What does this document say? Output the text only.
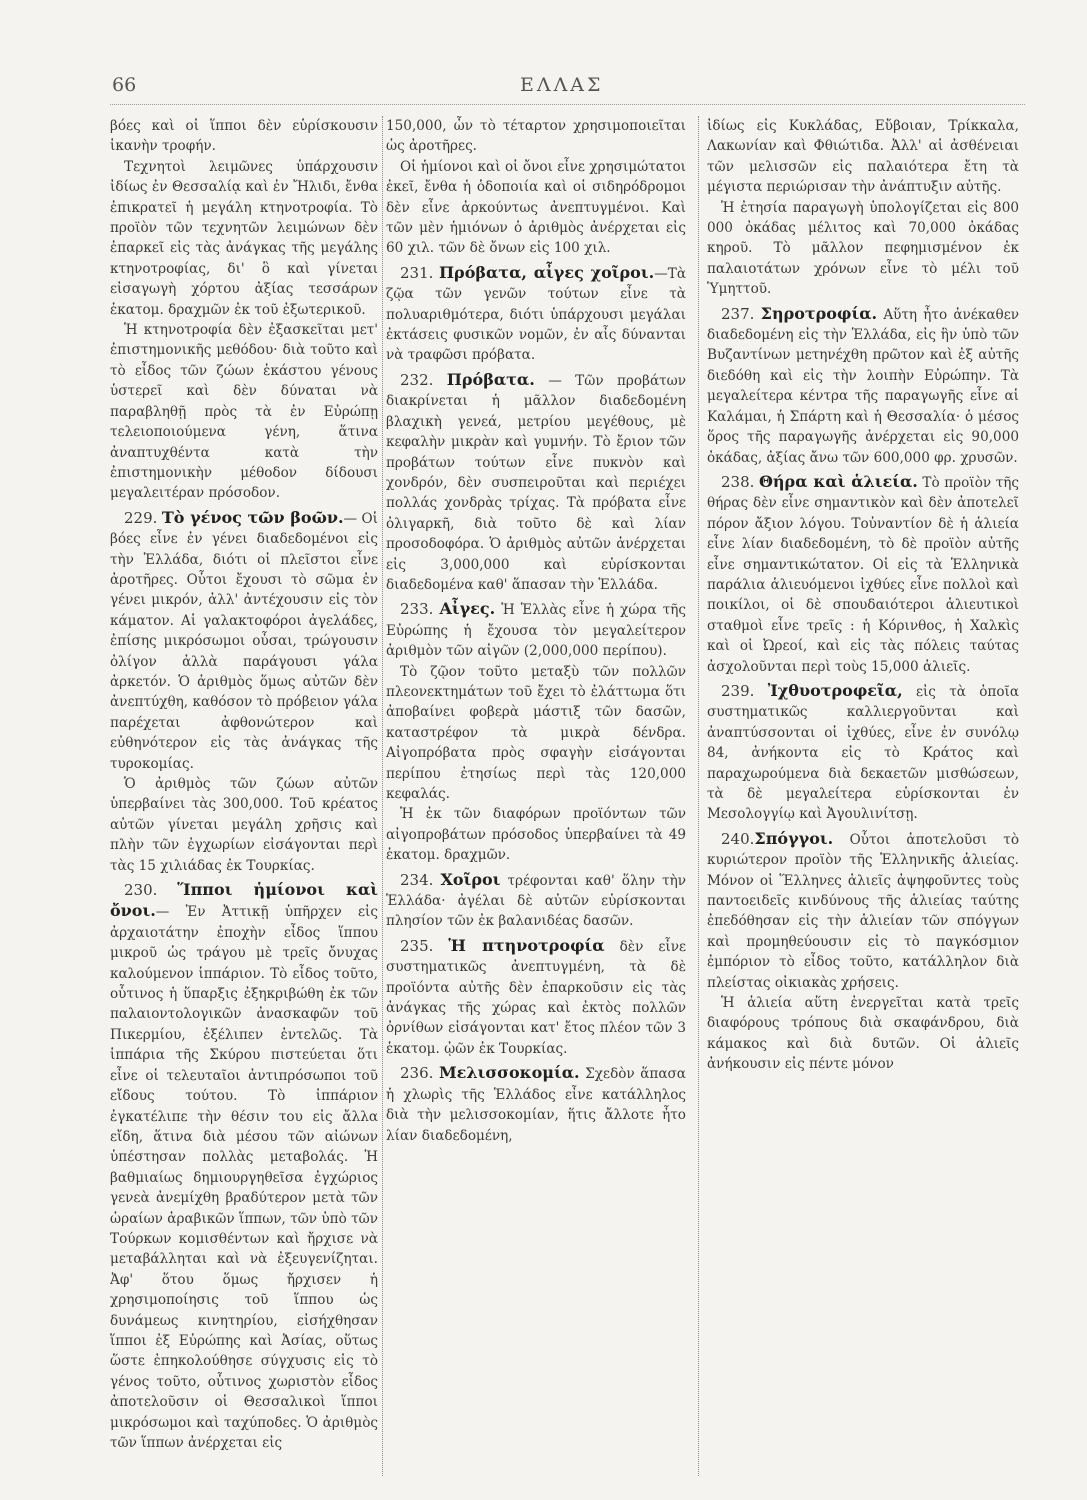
66	ΕΛΛΑΣ

βόες καὶ οἱ ἵπποι δὲν εὑρίσκουσιν ἱκανὴν τροφήν.

Τεχνητοὶ λειμῶνες ὑπάρχουσιν ἰδίως ἐν Θεσσαλίᾳ καὶ ἐν Ἤλιδι, ἔνθα ἐπικρατεῖ ἡ μεγάλη κτηνοτροφία. Τὸ προϊὸν τῶν τεχνητῶν λειμώνων δὲν ἐπαρκεῖ εἰς τὰς ἀνάγκας τῆς μεγάλης κτηνοτροφίας, δι' ὃ καὶ γίνεται εἰσαγωγὴ χόρτου ἀξίας τεσσάρων ἑκατομ. δραχμῶν ἐκ τοῦ ἐξωτερικοῦ.

Ἡ κτηνοτροφία δὲν ἐξασκεῖται μετ' ἐπιστημονικῆς μεθόδου· διὰ τοῦτο καὶ τὸ εἶδος τῶν ζώων ἑκάστου γένους ὑστερεῖ καὶ δὲν δύναται νὰ παραβληθῇ πρὸς τὰ ἐν Εὐρώπῃ τελειοποιούμενα γένη, ἅτινα ἀναπτυχθέντα κατὰ τὴν ἐπιστημονικὴν μέθοδον δίδουσι μεγαλειτέραν πρόσοδον.

229. Τὸ γένος τῶν βοῶν.— Οἱ βόες εἶνε ἐν γένει διαδεδομένοι εἰς τὴν Ἑλλάδα, διότι οἱ πλεῖστοι εἶνε ἀροτῆρες. Οὗτοι ἔχουσι τὸ σῶμα ἐν γένει μικρόν, ἀλλ' ἀντέχουσιν εἰς τὸν κάματον. Αἱ γαλακτοφόροι ἀγελάδες, ἐπίσης μικρόσωμοι οὖσαι, τρώγουσιν ὀλίγον ἀλλὰ παράγουσι γάλα ἀρκετόν. Ὁ ἀριθμὸς ὅμως αὐτῶν δὲν ἀνεπτύχθη, καθόσον τὸ πρόβειον γάλα παρέχεται ἀφθονώτερον καὶ εὐθηνότερον εἰς τὰς ἀνάγκας τῆς τυροκομίας.

Ὁ ἀριθμὸς τῶν ζώων αὐτῶν ὑπερβαίνει τὰς 300,000. Τοῦ κρέατος αὐτῶν γίνεται μεγάλη χρῆσις καὶ πλὴν τῶν ἐγχωρίων εἰσάγονται περὶ τὰς 15 χιλιάδας ἐκ Τουρκίας.

230. Ἵπποι ἡμίονοι καὶ ὄνοι.— Ἐν Ἀττικῇ ὑπῆρχεν εἰς ἀρχαιοτάτην ἐποχὴν εἶδος ἵππου μικροῦ ὡς τράγου μὲ τρεῖς ὄνυχας καλούμενον ἱππάριον. Τὸ εἶδος τοῦτο, οὗτινος ἡ ὕπαρξις ἐξηκριβώθη ἐκ τῶν παλαιοντολογικῶν ἀνασκαφῶν τοῦ Πικερμίου, ἐξέλιπεν ἐντελῶς. Τὰ ἱππάρια τῆς Σκύρου πιστεύεται ὅτι εἶνε οἱ τελευταῖοι ἀντιπρόσωποι τοῦ εἴδους τούτου. Τὸ ἱππάριον ἐγκατέλιπε τὴν θέσιν του εἰς ἄλλα εἴδη, ἅτινα διὰ μέσου τῶν αἰώνων ὑπέστησαν πολλὰς μεταβολάς. Ἡ βαθμιαίως δημιουργηθεῖσα ἐγχώριος γενεὰ ἀνεμίχθη βραδύτερον μετὰ τῶν ὡραίων ἀραβικῶν ἵππων, τῶν ὑπὸ τῶν Τούρκων κομισθέντων καὶ ἤρχισε νὰ μεταβάλληται καὶ νὰ ἐξευγενίζηται. Ἀφ' ὅτου ὅμως ἤρχισεν ἡ χρησιμοποίησις τοῦ ἵππου ὡς δυνάμεως κινητηρίου, εἰσήχθησαν ἵπποι ἐξ Εὐρώπης καὶ Ἀσίας, οὕτως ὥστε ἐπηκολούθησε σύγχυσις εἰς τὸ γένος τοῦτο, οὗτινος χωριστὸν εἶδος ἀποτελοῦσιν οἱ Θεσσαλικοὶ ἵπποι μικρόσωμοι καὶ ταχύποδες. Ὁ ἀριθμὸς τῶν ἵππων ἀνέρχεται εἰς

150,000, ὧν τὸ τέταρτον χρησιμοποιεῖται ὡς ἀροτῆρες.

Οἱ ἡμίονοι καὶ οἱ ὄνοι εἶνε χρησιμώτατοι ἐκεῖ, ἔνθα ἡ ὁδοποιία καὶ οἱ σιδηρόδρομοι δὲν εἶνε ἀρκούντως ἀνεπτυγμένοι. Καὶ τῶν μὲν ἡμιόνων ὁ ἀριθμὸς ἀνέρχεται εἰς 60 χιλ. τῶν δὲ ὄνων εἰς 100 χιλ.

231. Πρόβατα, αἶγες χοῖροι.—Τὰ ζῷα τῶν γενῶν τούτων εἶνε τὰ πολυαριθμότερα, διότι ὑπάρχουσι μεγάλαι ἐκτάσεις φυσικῶν νομῶν, ἐν αἷς δύνανται νὰ τραφῶσι πρόβατα.

232. Πρόβατα. — Τῶν προβάτων διακρίνεται ἡ μᾶλλον διαδεδομένη βλαχικὴ γενεά, μετρίου μεγέθους, μὲ κεφαλὴν μικρὰν καὶ γυμνήν. Τὸ ἔριον τῶν προβάτων τούτων εἶνε πυκνὸν καὶ χονδρόν, δὲν συσπειροῦται καὶ περιέχει πολλάς χονδρὰς τρίχας. Τὰ πρόβατα εἶνε ὀλιγαρκῆ, διὰ τοῦτο δὲ καὶ λίαν προσοδοφόρα. Ὁ ἀριθμὸς αὐτῶν ἀνέρχεται εἰς 3,000,000 καὶ εὑρίσκονται διαδεδομένα καθ' ἅπασαν τὴν Ἑλλάδα.

233. Αἶγες. Ἡ Ἑλλὰς εἶνε ἡ χώρα τῆς Εὐρώπης ἡ ἔχουσα τὸν μεγαλείτερον ἀριθμὸν τῶν αἰγῶν (2,000,000 περίπου).

Τὸ ζῷον τοῦτο μεταξὺ τῶν πολλῶν πλεονεκτημάτων τοῦ ἔχει τὸ ἐλάττωμα ὅτι ἀποβαίνει φοβερὰ μάστιξ τῶν δασῶν, καταστρέφον τὰ μικρὰ δένδρα. Αἰγοπρόβατα πρὸς σφαγὴν εἰσάγονται περίπου ἐτησίως περὶ τὰς 120,000 κεφαλάς.

Ἡ ἐκ τῶν διαφόρων προϊόντων τῶν αἰγοπροβάτων πρόσοδος ὑπερβαίνει τὰ 49 ἑκατομ. δραχμῶν.

234. Χοῖροι τρέφονται καθ' ὅλην τὴν Ἑλλάδα· ἀγέλαι δὲ αὐτῶν εὑρίσκονται πλησίον τῶν ἐκ βαλανιδέας δασῶν.

235. Ἡ πτηνοτροφία δὲν εἶνε συστηματικῶς ἀνεπτυγμένη, τὰ δὲ προϊόντα αὐτῆς δὲν ἐπαρκοῦσιν εἰς τὰς ἀνάγκας τῆς χώρας καὶ ἐκτὸς πολλῶν ὀρνίθων εἰσάγονται κατ' ἔτος πλέον τῶν 3 ἑκατομ. ᾠῶν ἐκ Τουρκίας.

236. Μελισσοκομία. Σχεδὸν ἅπασα ἡ χλωρὶς τῆς Ἑλλάδος εἶνε κατάλληλος διὰ τὴν μελισσοκομίαν, ἥτις ἄλλοτε ἦτο λίαν διαδεδομένη,

ἰδίως εἰς Κυκλάδας, Εὔβοιαν, Τρίκκαλα, Λακωνίαν καὶ Φθιώτιδα. Ἀλλ' αἱ ἀσθένειαι τῶν μελισσῶν εἰς παλαιότερα ἔτη τὰ μέγιστα περιώρισαν τὴν ἀνάπτυξιν αὐτῆς.

Ἡ ἐτησία παραγωγὴ ὑπολογίζεται εἰς 800 000 ὀκάδας μέλιτος καὶ 70,000 ὀκάδας κηροῦ. Τὸ μᾶλλον πεφημισμένον ἐκ παλαιοτάτων χρόνων εἶνε τὸ μέλι τοῦ Ὑμηττοῦ.

237. Σηροτροφία. Αὕτη ἦτο ἀνέκαθεν διαδεδομένη εἰς τὴν Ἑλλάδα, εἰς ἣν ὑπὸ τῶν Βυζαντίνων μετηνέχθη πρῶτον καὶ ἐξ αὐτῆς διεδόθη καὶ εἰς τὴν λοιπὴν Εὐρώπην. Τὰ μεγαλείτερα κέντρα τῆς παραγωγῆς εἶνε αἱ Καλάμαι, ἡ Σπάρτη καὶ ἡ Θεσσαλία· ὁ μέσος ὅρος τῆς παραγωγῆς ἀνέρχεται εἰς 90,000 ὀκάδας, ἀξίας ἄνω τῶν 600,000 φρ. χρυσῶν.

238. Θήρα καὶ ἁλιεία. Τὸ προϊὸν τῆς θήρας δὲν εἶνε σημαντικὸν καὶ δὲν ἀποτελεῖ πόρον ἄξιον λόγου. Τοὐναντίον δὲ ἡ ἁλιεία εἶνε λίαν διαδεδομένη, τὸ δὲ προϊὸν αὐτῆς εἶνε σημαντικώτατον. Οἱ εἰς τὰ Ἑλληνικὰ παράλια ἁλιευόμενοι ἰχθύες εἶνε πολλοὶ καὶ ποικίλοι, οἱ δὲ σπουδαιότεροι ἁλιευτικοὶ σταθμοὶ εἶνε τρεῖς : ἡ Κόρινθος, ἡ Χαλκὶς καὶ οἱ Ὠρεοί, καὶ εἰς τὰς πόλεις ταύτας ἀσχολοῦνται περὶ τοὺς 15,000 ἁλιεῖς.

239. Ἰχθυοτροφεῖα, εἰς τὰ ὁποῖα συστηματικῶς καλλιεργοῦνται καὶ ἀναπτύσσονται οἱ ἰχθύες, εἶνε ἐν συνόλῳ 84, ἀνήκοντα εἰς τὸ Κράτος καὶ παραχωρούμενα διὰ δεκαετῶν μισθώσεων, τὰ δὲ μεγαλείτερα εὑρίσκονται ἐν Μεσολογγίῳ καὶ Ἀγουλινίτσῃ.

240.Σπόγγοι. Οὗτοι ἀποτελοῦσι τὸ κυριώτερον προϊὸν τῆς Ἑλληνικῆς ἁλιείας. Μόνον οἱ Ἕλληνες ἁλιεῖς ἀψηφοῦντες τοὺς παντοειδεῖς κινδύνους τῆς ἁλιείας ταύτης ἐπεδόθησαν εἰς τὴν ἁλιείαν τῶν σπόγγων καὶ προμηθεύουσιν εἰς τὸ παγκόσμιον ἐμπόριον τὸ εἶδος τοῦτο, κατάλληλον διὰ πλείστας οἰκιακὰς χρήσεις.

Ἡ ἁλιεία αὕτη ἐνεργεῖται κατὰ τρεῖς διαφόρους τρόπους διὰ σκαφάνδρου, διὰ κάμακος καὶ διὰ δυτῶν. Οἱ ἁλιεῖς ἀνήκουσιν εἰς πέντε μόνον
